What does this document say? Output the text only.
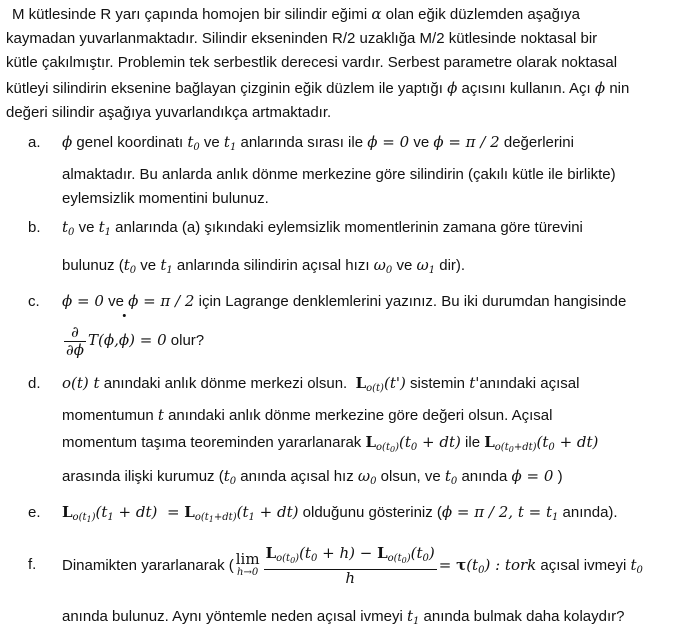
M kütlesinde R yarı çapında homojen bir silindir eğimi α olan eğik düzlemden aşağıya
kaymadan yuvarlanmaktadır. Silindir ekseninden R/2 uzaklığa M/2 kütlesinde noktasal bir
kütle çakılmıştır. Problemin tek serbestlik derecesi vardır. Serbest parametre olarak noktasal
kütleyi silindirin eksenine bağlayan çizginin eğik düzlem ile yaptığı ϕ açısını kullanın. Açı ϕ nin
değeri silindir aşağıya yuvarlandıkça artmaktadır.
a. ϕ genel koordinatı $t_0$ ve $t_1$ anlarında sırası ile ϕ = 0 ve ϕ = π / 2 değerlerini
almaktadır. Bu anlarda anlık dönme merkezine göre silindirin (çakılı kütle ile birlikte)
eylemsizlik momentini bulunuz.
b. $t_0$ ve $t_1$ anlarında (a) şıkındaki eylemsizlik momentlerinin zamana göre türevini
bulunuz ($t_0$ ve $t_1$ anlarında silindirin açısal hızı $\omega_0$ ve $\omega_1$ dir).
c. ϕ = 0 ve ϕ = π / 2 için Lagrange denklemlerini yazınız. Bu iki durumdan hangisinde
$\frac{\partial}{\partial\phi} T(\phi,\phi) = 0$ olur?
d. o(t) t anındaki anlık dönme merkezi olsun. $L_{o(t)}(t')$ sistemin t'anındaki açısal
momentumun t anındaki anlık dönme merkezine göre değeri olsun. Açısal
momentum taşıma teoreminden yararlanarak $L_{o(t_0)}(t_0 + dt)$ ile $L_{o(t_0+dt)}(t_0 + dt)$
arasında ilişki kurumuz ($t_0$ anında açısal hız $\omega_0$ olsun, ve $t_0$ anında ϕ = 0 )
e. $L_{o(t_1)}(t_1 + dt) = L_{o(t_1+dt)}(t_1 + dt)$ olduğunu gösteriniz (ϕ = π / 2, $t = t_1$ anında).
f.	Dinamikten yararlanarak ( lim
$h\to 0 \frac{L_{o(t_0)}(t_0 + h) - L_{o(t_0)}(t_0)}{h} = \tau(t_0)$ : tork açısal ivmeyi $t_0$
anında bulunuz. Aynı yöntemle neden açısal ivmeyi $t_1$ anında bulmak daha kolaydır?
